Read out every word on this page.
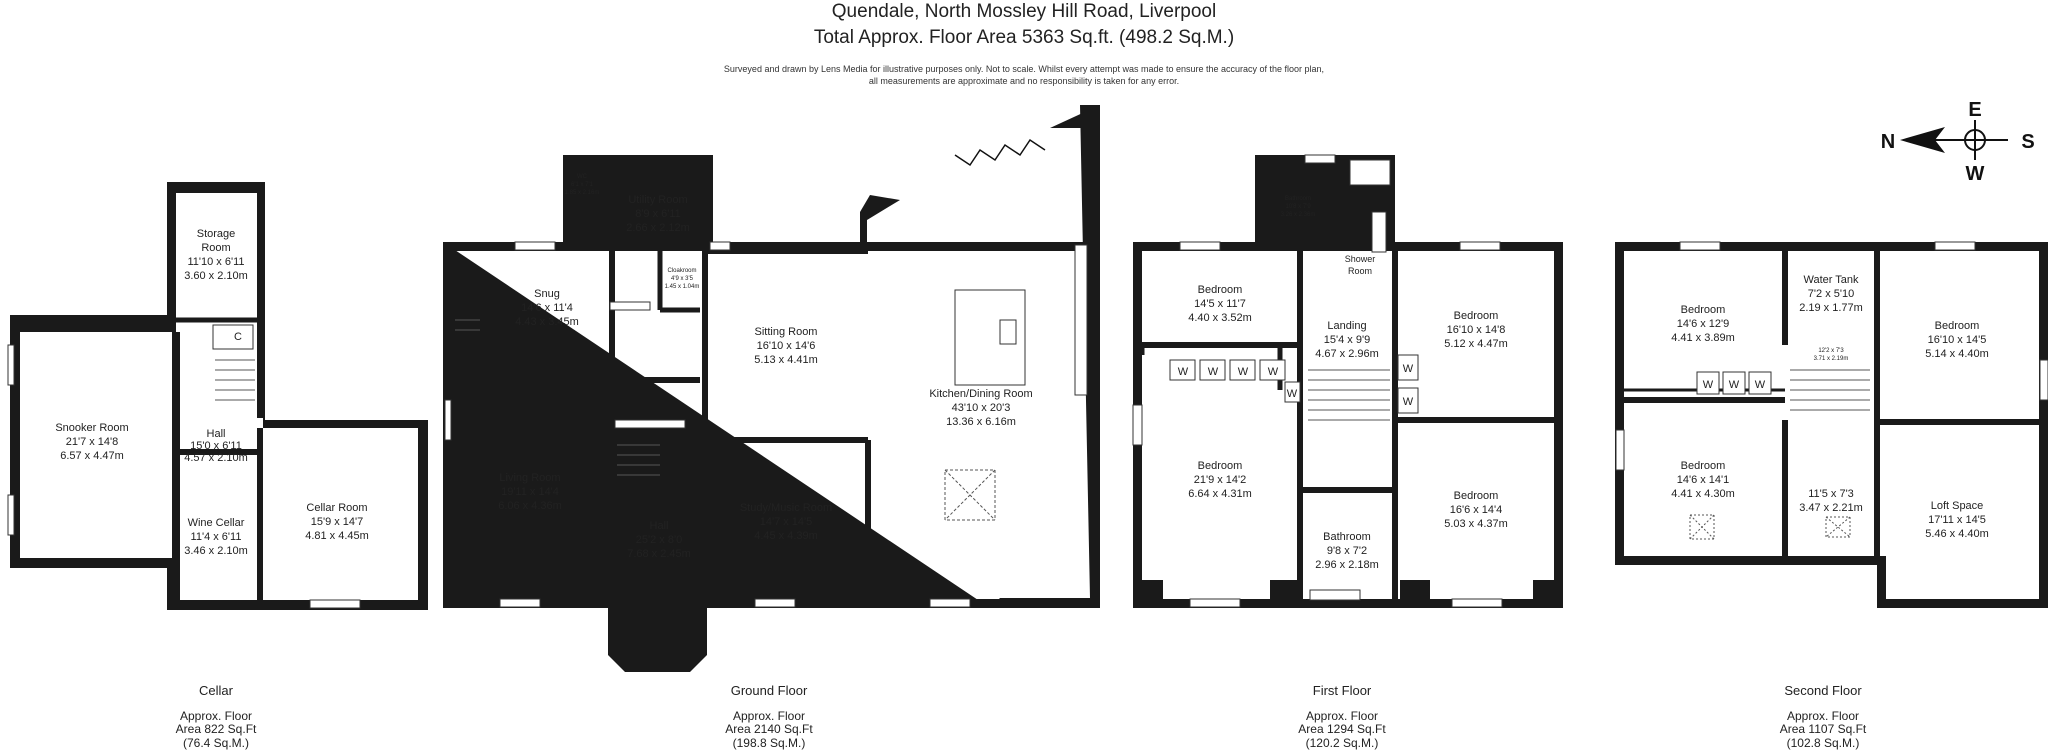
Quendale, North Mossley Hill Road, Liverpool
Total Approx. Floor Area 5363 Sq.ft. (498.2 Sq.M.)
Surveyed and drawn by Lens Media for illustrative purposes only. Not to scale. Whilst every attempt was made to ensure the accuracy of the floor plan,
all measurements are approximate and no responsibility is taken for any error.
N
E
S
W
Storage
Room
11'10 x 6'11
3.60 x 2.10m
C
Snooker Room
21'7 x 14'8
6.57 x 4.47m
Hall
15'0 x 6'11
4.57 x 2.10m
Wine Cellar
11'4 x 6'11
3.46 x 2.10m
Cellar Room
15'9 x 14'7
4.81 x 4.45m
WC
6'1 x 7'1
1.85 x 2.16m
Utility Room
8'9 x 6'11
2.66 x 2.12m
Cloakroom
4'9 x 3'5
1.45 x 1.04m
Snug
14'6 x 11'4
4.43 x 3.45m
Sitting Room
16'10 x 14'6
5.13 x 4.41m
Kitchen/Dining Room
43'10 x 20'3
13.36 x 6.16m
Living Room
19'11 x 14'4
6.06 x 4.36m
Hall
25'2 x 8'0
7.68 x 2.45m
Study/Music Room
14'7 x 14'5
4.45 x 4.39m
W W W W
W
W
W
Bathroom
10'8 x 7'9
3.26 x 2.36m
Shower
Room
Bedroom
14'5 x 11'7
4.40 x 3.52m
Landing
15'4 x 9'9
4.67 x 2.96m
Bedroom
16'10 x 14'8
5.12 x 4.47m
Bedroom
21'9 x 14'2
6.64 x 4.31m	Bedroom
16'6 x 14'4
5.03 x 4.37m
Bathroom
9'8 x 7'2
2.96 x 2.18m
W W W
Water Tank
7'2 x 5'10
2.19 x 1.77m
12'2 x 7'3
3.71 x 2.19m
Bedroom
14'6 x 12'9
4.41 x 3.89m
Bedroom
16'10 x 14'5
5.14 x 4.40m
Bedroom
14'6 x 14'1
4.41 x 4.30m	11'5 x 7'3
3.47 x 2.21m	Loft Space
17'11 x 14'5
5.46 x 4.40m
Cellar
Approx. Floor
Area 822 Sq.Ft
(76.4 Sq.M.)
Ground Floor
Approx. Floor
Area 2140 Sq.Ft
(198.8 Sq.M.)
First Floor
Approx. Floor
Area 1294 Sq.Ft
(120.2 Sq.M.)
Second Floor
Approx. Floor
Area 1107 Sq.Ft
(102.8 Sq.M.)
